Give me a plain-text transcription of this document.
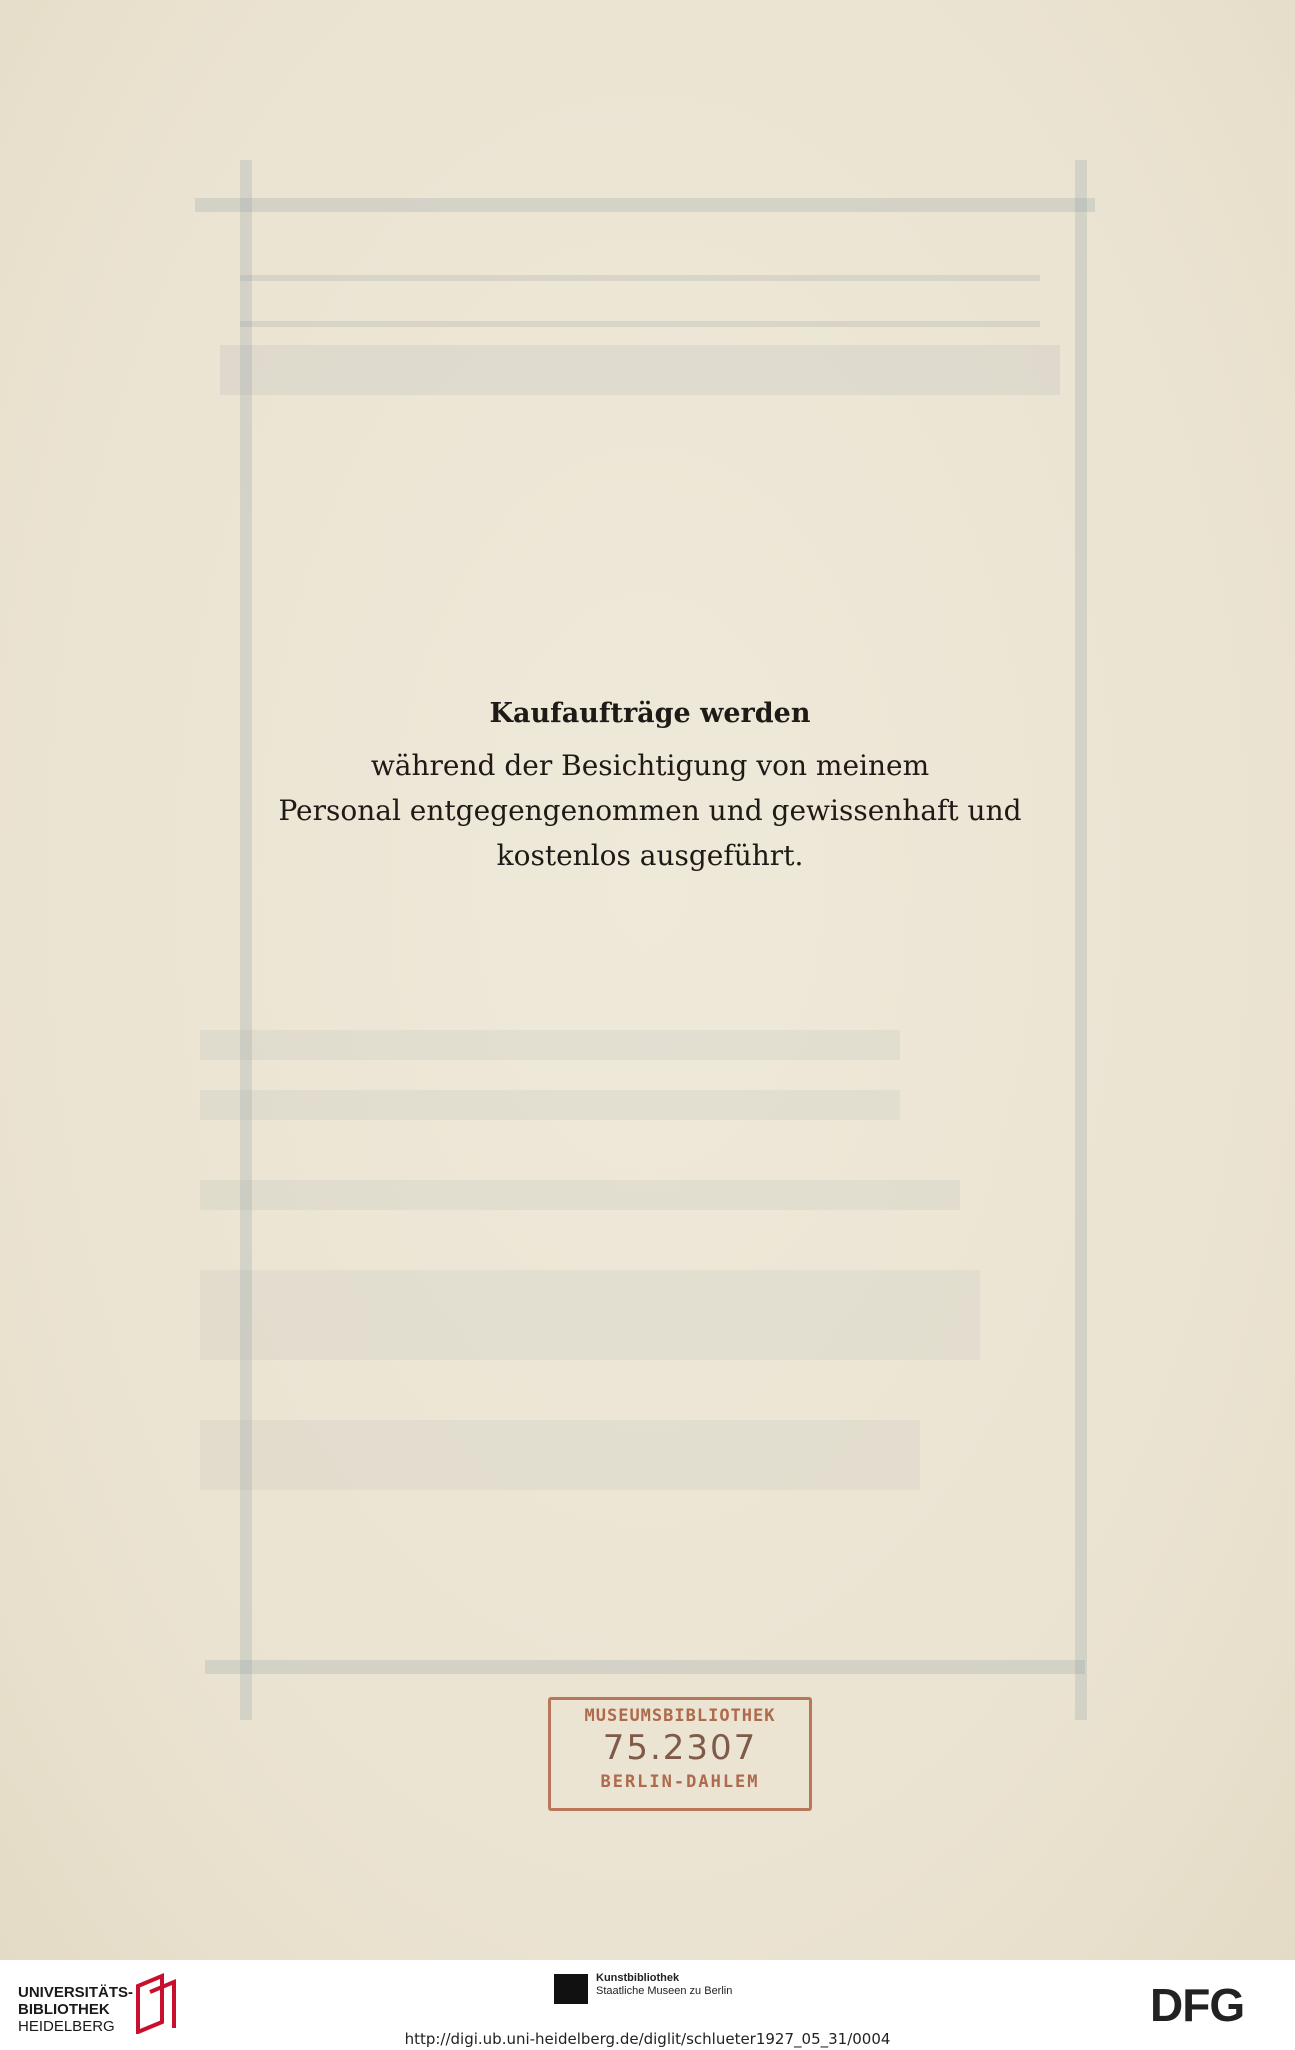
Kaufaufträge werden
während der Besichtigung von meinem
Personal entgegengenommen und gewissenhaft und
kostenlos ausgeführt.
MUSEUMSBIBLIOTHEK
75.2307
BERLIN-DAHLEM
UNIVERSITÄTS-
BIBLIOTHEK
HEIDELBERG
Kunstbibliothek
Staatliche Museen zu Berlin
http://digi.ub.uni-heidelberg.de/diglit/schlueter1927_05_31/0004
DFG
